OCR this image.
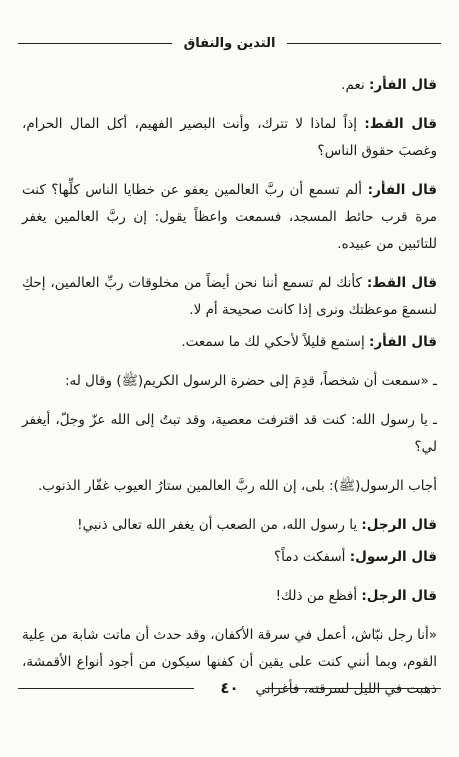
التدين والنفاق

قال الفأر: نعم.

قال القط: إذاً لماذا لا تترك، وأنت البصير الفهيم، أكل المال الحرام، وغصبَ حقوق الناس؟

قال الفأر: ألم تسمع أن ربَّ العالمين يعفو عن خطايا الناس كلِّها؟ كنت مرة قرب حائط المسجد، فسمعت واعظاً يقول: إن ربَّ العالمين يغفر للتائبين من عبيده.

قال القط: كأنك لم تسمع أننا نحن أيضاً من مخلوقات ربِّ العالمين، إحكِ لنسمعَ موعظتك ونرى إذا كانت صحيحة أم لا.

قال الفأر: إستمع قليلاً لأحكي لك ما سمعت.

ـ «سمعت أن شخصاً، قدِمَ إلى حضرة الرسول الكريم(ﷺ) وقال له:

ـ يا رسول الله: كنت قد اقترفت معصية، وقد تبتُ إلى الله عزّ وجلّ، أيغفر لي؟

أجاب الرسول(ﷺ): بلى، إن الله ربَّ العالمين ستارُ العيوب غفّار الذنوب.

قال الرجل: يا رسول الله، من الصعب أن يغفر الله تعالى ذنبي!

قال الرسول: أسفكت دماً؟

قال الرجل: أفظع من ذلك!

«أنا رجل نبّاش، أعمل في سرقة الأكفان، وقد حدث أن ماتت شابة من عِلية القوم، وبما أنني كنت على يقين أن كفنها سيكون من أجود أنواع الأقمشة، ذهبت في الليل لسرقته، فأغراني

٤٠
